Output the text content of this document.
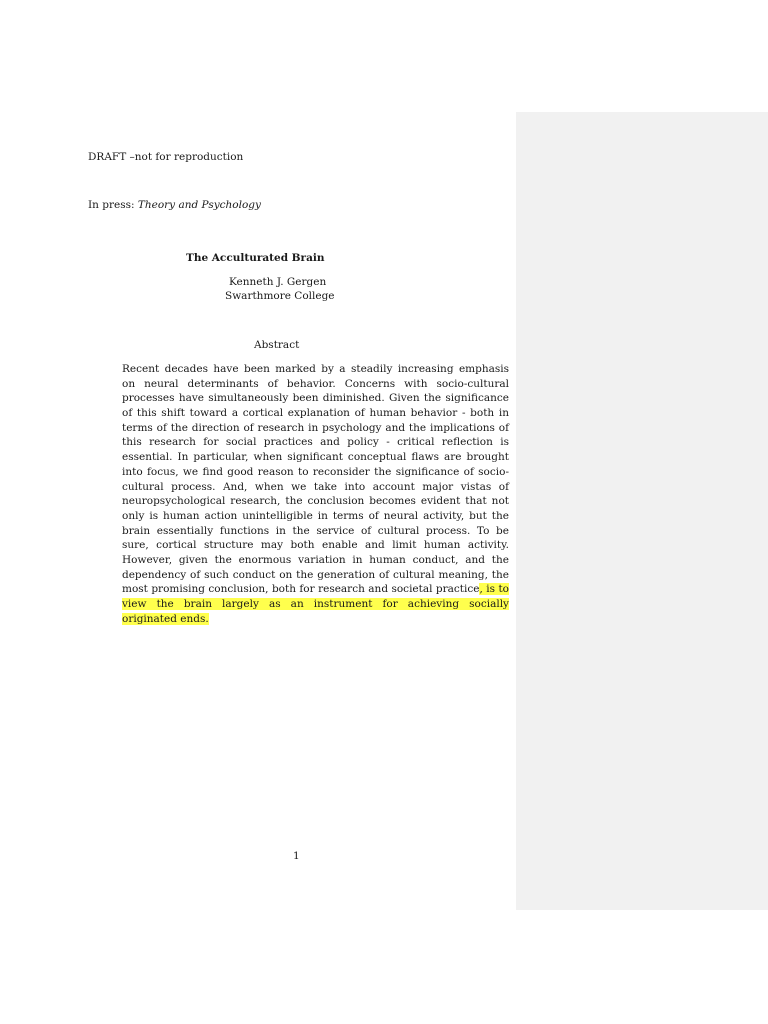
DRAFT –not for reproduction
In press: Theory and Psychology
The Acculturated Brain
Kenneth J. Gergen
Swarthmore College
Abstract
Recent decades have been marked by a steadily increasing emphasis
on neural determinants of behavior. Concerns with socio-cultural
processes have simultaneously been diminished. Given the significance
of this shift toward a cortical explanation of human behavior - both in
terms of the direction of research in psychology and the implications of
this research for social practices and policy - critical reflection is
essential. In particular, when significant conceptual flaws are brought
into focus, we find good reason to reconsider the significance of socio-
cultural process. And, when we take into account major vistas of
neuropsychological research, the conclusion becomes evident that not
only is human action unintelligible in terms of neural activity, but the
brain essentially functions in the service of cultural process. To be
sure, cortical structure may both enable and limit human activity.
However, given the enormous variation in human conduct, and the
dependency of such conduct on the generation of cultural meaning, the
most promising conclusion, both for research and societal practice, is to
view the brain largely as an instrument for achieving socially
originated ends.
1
